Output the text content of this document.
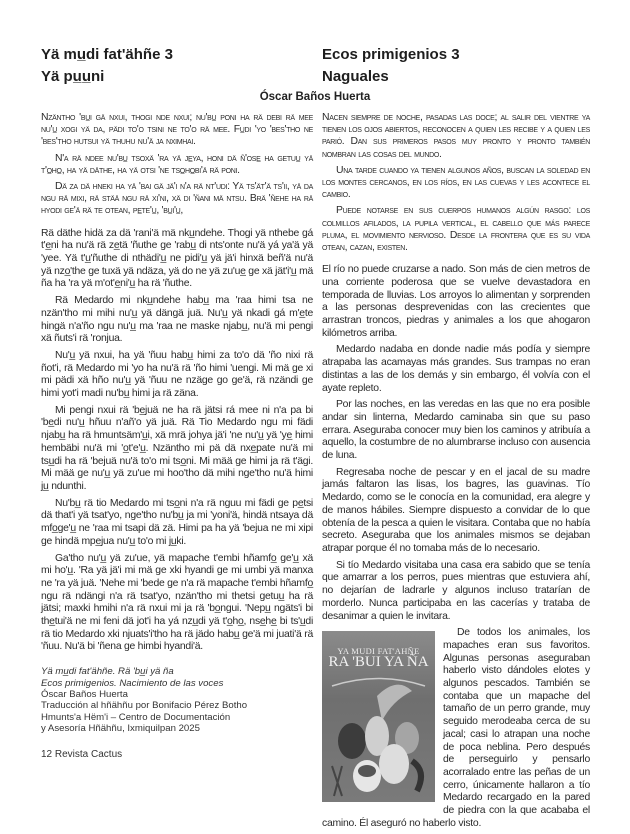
Yä mu̲di fat'ähñe 3
Yä pu̲u̲ni
Ecos primigenios 3
Naguales
Óscar Baños Huerta

Nzäntho 'bu̲i gä nxui, thogi nde nxui; nu'bu̲ poni ha rä debi rä mee nu'u̲ xogi yä da, pädi to'o tsini ne to'o rä mee. Fu̲di 'yo 'bes'tho ne 'bes'tho hutsui yä thuhu nu'ä ja nximhai.

N'a rä ndee nu'bu̲ tsoxä 'ra yä je̲ya, honi dä ñ'ose̲ ha getuu̲ yä t'o̲ho̲, ha yä däthe, ha yä otsi 'ne tso̲ho̲bi'ä rä poni.

Dä za dä hneki ha yä 'bai gä jä'i n'a rä nt'udi: Yä ts'ät'ä ts'ii, yä da ngu rä mixi, rä stää ngu rä xi'ni, xä di 'ñani mä ntsu. Brä 'ñehe ha rä hyodi ge'ä rä te otean, pe̲te'u̲, 'bu̲i'u̲,

Rä däthe hidä za dä 'rani'ä mä nku̲ndehe. Thogi yä nthebe gá t'e̲ni ha nu'ä rä ze̲tä 'ñuthe ge 'rabu̲ di nts'onte nu'ä yá ya'ä yä 'yee. Yä t'u̲'ñuthe di nthädi'u̲ ne pidi'u̲ yä jä'i hinxä beñ'ä nu'ä yä nzo̲'the ge tuxä yä ndäza, yä do ne yä zu'ue̲ ge xä jät'i'u̲ mä ña ha 'ra yä m'ot'e̲ni'u̲ ha rä 'ñuthe.

Rä Medardo mi nku̲ndehe habu̲ ma 'raa himi tsa ne nzän'tho mi mihi nu'u̲ yä dängä juä. Nu'u̲ yä nkadi gá m'e̲te hingä n'a'ño ngu nu'u̲ ma 'raa ne maske njabu̲, nu'ä mi pengi xä ñuts'i rä 'ronjua.

Nu'u̲ yä nxui, ha yä 'ñuu habu̲ himi za to'o dä 'ño nixi rä ñot'i, rä Medardo mi 'yo ha nu'ä rä 'ño himi 'uengi. Mi mä ge xi mi pädi xä hño nu'u̲ yä 'ñuu ne nzäge go ge'ä, rä nzändi ge himi yot'i madi nu'bu̲ himi ja rä zäna.

Mi pengi nxui rä 'be̲juä ne ha rä jätsi rá mee ni n'a pa bi 'be̲di nu'u̲ hñuu n'añ'o yä juä. Rä Tio Medardo ngu mi fädi njabu̲ ha rä hmuntsäm'u̲i, xä mrä johya jä'i 'ne nu'u̲ yä 'ye̲ himi hembäbi nu'ä mi 'o̲t'e'u̲. Nzäntho mi pä dä nxe̲pate nu'ä mi tsu̲di ha rä 'bejuä nu'ä to'o mi tso̲ni. Mi mää ge himi ja rä t'ägi. Mi mää ge nu'u̲ yä zu'ue mi hoo'tho dä mihi nge'tho nu'ä himi ju̲ ndunthi.

Nu'bu̲ rä tio Medardo mi tso̲ni n'a rä nguu mi fädi ge pe̲tsi dä that'i yä tsat'yo, nge'tho nu'bu̲ ja mi 'yoni'ä, hindä ntsaya dä mfo̲ge'u̲ ne 'raa mi tsapi dä zä. Himi pa ha yä 'bejua ne mi xipi ge hindä mpe̲jua nu'u̲ to'o mi ju̲ki.

Ga'tho nu'u̲ yä zu'ue, yä mapache t'embi hñamfo̲ ge'u̲ xä mi ho'u̲. 'Ra yä jä'i mi mä ge xki hyandi ge mi umbi yä manxa ne 'ra yä juä. 'Nehe mi 'bede ge n'a rä mapache t'embi hñamfo̲ ngu rä ndängi n'a rä tsat'yo, nzän'tho mi thetsi getuu̲ ha rä jätsi; maxki hmihi n'a rä nxui mi ja rä 'bo̲ngui. 'Nepu̲ ngäts'i bi the̲tui'ä ne mi feni dä jot'i ha yá nzu̲di yä t'o̲ho̲, nse̲he̲ bi ts'u̲di rä tio Medardo xki njuats'i'tho ha rä jädo habu̲ ge'ä mi juati'ä rä 'ñuu. Nu'ä bi 'ñena ge himbi hyandi'ä.

Yä mu̲di fat'ähñe. Rä 'bu̲i yä ña
Ecos primigenios. Nacimiento de las voces
Óscar Baños Huerta
Traducción al hñähñu por Bonifacio Pérez Botho
Hmunts'a Hëm'i – Centro de Documentación
y Asesoría Hñähñu, Ixmiquilpan 2025
12 Revista Cactus

Nacen siempre de noche, pasadas las doce; al salir del vientre ya tienen los ojos abiertos, reconocen a quien les recibe y a quien les parió. Dan sus primeros pasos muy pronto y pronto también nombran las cosas del mundo.

Una tarde cuando ya tienen algunos años, buscan la soledad en los montes cercanos, en los ríos, en las cuevas y les acontece el cambio.

Puede notarse en sus cuerpos humanos algún rasgo: los colmillos afilados, la pupila vertical, el cabello que más parece pluma, el movimiento nervioso. Desde la frontera que es su vida otean, cazan, existen.

El río no puede cruzarse a nado. Son más de cien metros de una corriente poderosa que se vuelve devastadora en temporada de lluvias. Los arroyos lo alimentan y sorprenden a las personas desprevenidas con las crecientes que arrastran troncos, piedras y animales a los que ahogaron kilómetros arriba.

Medardo nadaba en donde nadie más podía y siempre atrapaba las acamayas más grandes. Sus trampas no eran distintas a las de los demás y sin embargo, él volvía con el ayate repleto.

Por las noches, en las veredas en las que no era posible andar sin linterna, Medardo caminaba sin que su paso errara. Aseguraba conocer muy bien los caminos y atribuía a aquello, la costumbre de no alumbrarse incluso con ausencia de luna.

Regresaba noche de pescar y en el jacal de su madre jamás faltaron las lisas, los bagres, las guavinas. Tío Medardo, como se le conocía en la comunidad, era alegre y de manos hábiles. Siempre dispuesto a convidar de lo que obtenía de la pesca a quien le visitara. Contaba que no había secreto. Aseguraba que los animales mismos se dejaban atrapar porque él no tomaba más de lo necesario.

Si tío Medardo visitaba una casa era sabido que se tenía que amarrar a los perros, pues mientras que estuviera ahí, no dejarían de ladrarle y algunos incluso tratarían de morderlo. Nunca participaba en las cacerías y trataba de desanimar a quien le invitara.

YA MUDI FAT'AHÑE
RA 'BUI YA ÑA

De todos los animales, los mapaches eran sus favoritos. Algunas personas aseguraban haberlo visto dándoles elotes y algunos pescados. También se contaba que un mapache del tamaño de un perro grande, muy seguido merodeaba cerca de su jacal; casi lo atrapan una noche de poca neblina. Pero después de perseguirlo y pensarlo acorralado entre las peñas de un cerro, únicamente hallaron a tío Medardo recargado en la pared de piedra con la que acababa el camino. Él aseguró no haberlo visto.
